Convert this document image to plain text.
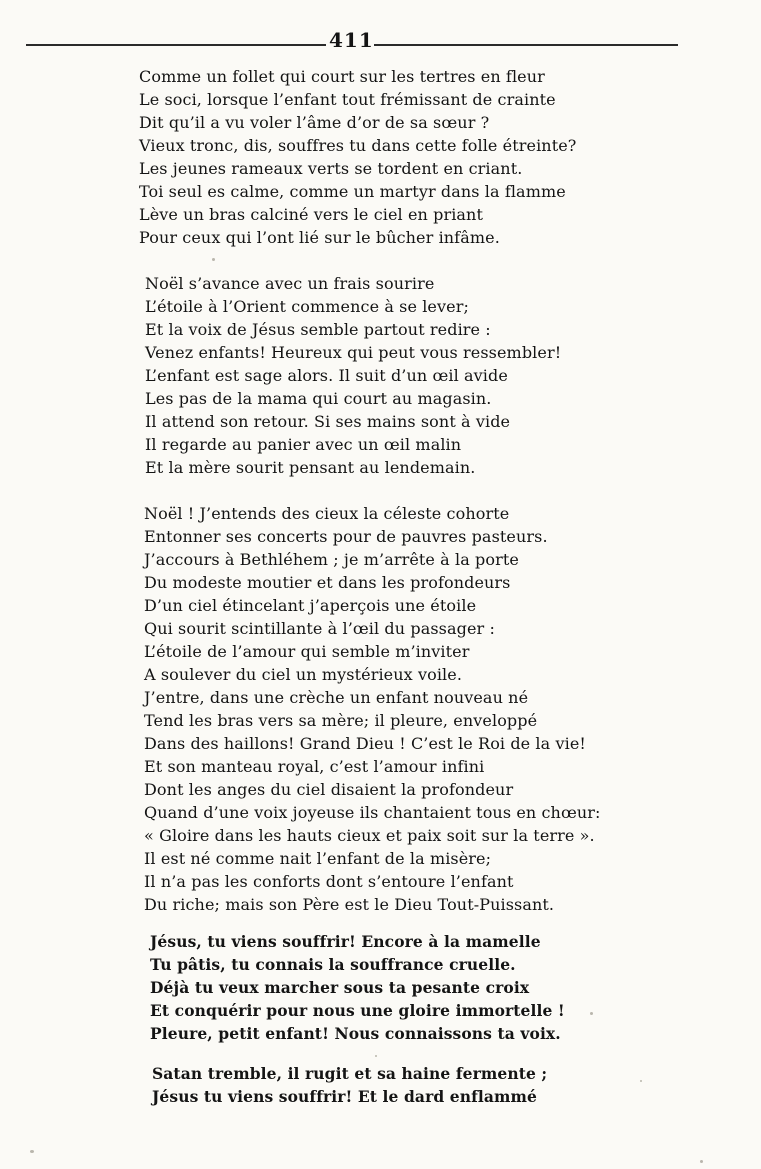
411
Comme un follet qui court sur les tertres en fleur
Le soci, lorsque l’enfant tout frémissant de crainte
Dit qu’il a vu voler l’âme d’or de sa sœur ?
Vieux tronc, dis, souffres tu dans cette folle étreinte?
Les jeunes rameaux verts se tordent en criant.
Toi seul es calme, comme un martyr dans la flamme
Lève un bras calciné vers le ciel en priant
Pour ceux qui l’ont lié sur le bûcher infâme.
Noël s’avance avec un frais sourire
L’étoile à l’Orient commence à se lever;
Et la voix de Jésus semble partout redire :
Venez enfants! Heureux qui peut vous ressembler!
L’enfant est sage alors. Il suit d’un œil avide
Les pas de la mama qui court au magasin.
Il attend son retour. Si ses mains sont à vide
Il regarde au panier avec un œil malin
Et la mère sourit pensant au lendemain.
Noël ! J’entends des cieux la céleste cohorte
Entonner ses concerts pour de pauvres pasteurs.
J’accours à Bethléhem ; je m’arrête à la porte
Du modeste moutier et dans les profondeurs
D’un ciel étincelant j’aperçois une étoile
Qui sourit scintillante à l’œil du passager :
L’étoile de l’amour qui semble m’inviter
A soulever du ciel un mystérieux voile.
J’entre, dans une crèche un enfant nouveau né
Tend les bras vers sa mère; il pleure, enveloppé
Dans des haillons! Grand Dieu ! C’est le Roi de la vie!
Et son manteau royal, c’est l’amour infini
Dont les anges du ciel disaient la profondeur
Quand d’une voix joyeuse ils chantaient tous en chœur:
« Gloire dans les hauts cieux et paix soit sur la terre ».
Il est né comme nait l’enfant de la misère;
Il n’a pas les conforts dont s’entoure l’enfant
Du riche; mais son Père est le Dieu Tout-Puissant.
Jésus, tu viens souffrir! Encore à la mamelle
Tu pâtis, tu connais la souffrance cruelle.
Déjà tu veux marcher sous ta pesante croix
Et conquérir pour nous une gloire immortelle !
Pleure, petit enfant! Nous connaissons ta voix.
Satan tremble, il rugit et sa haine fermente ;
Jésus tu viens souffrir! Et le dard enflammé
